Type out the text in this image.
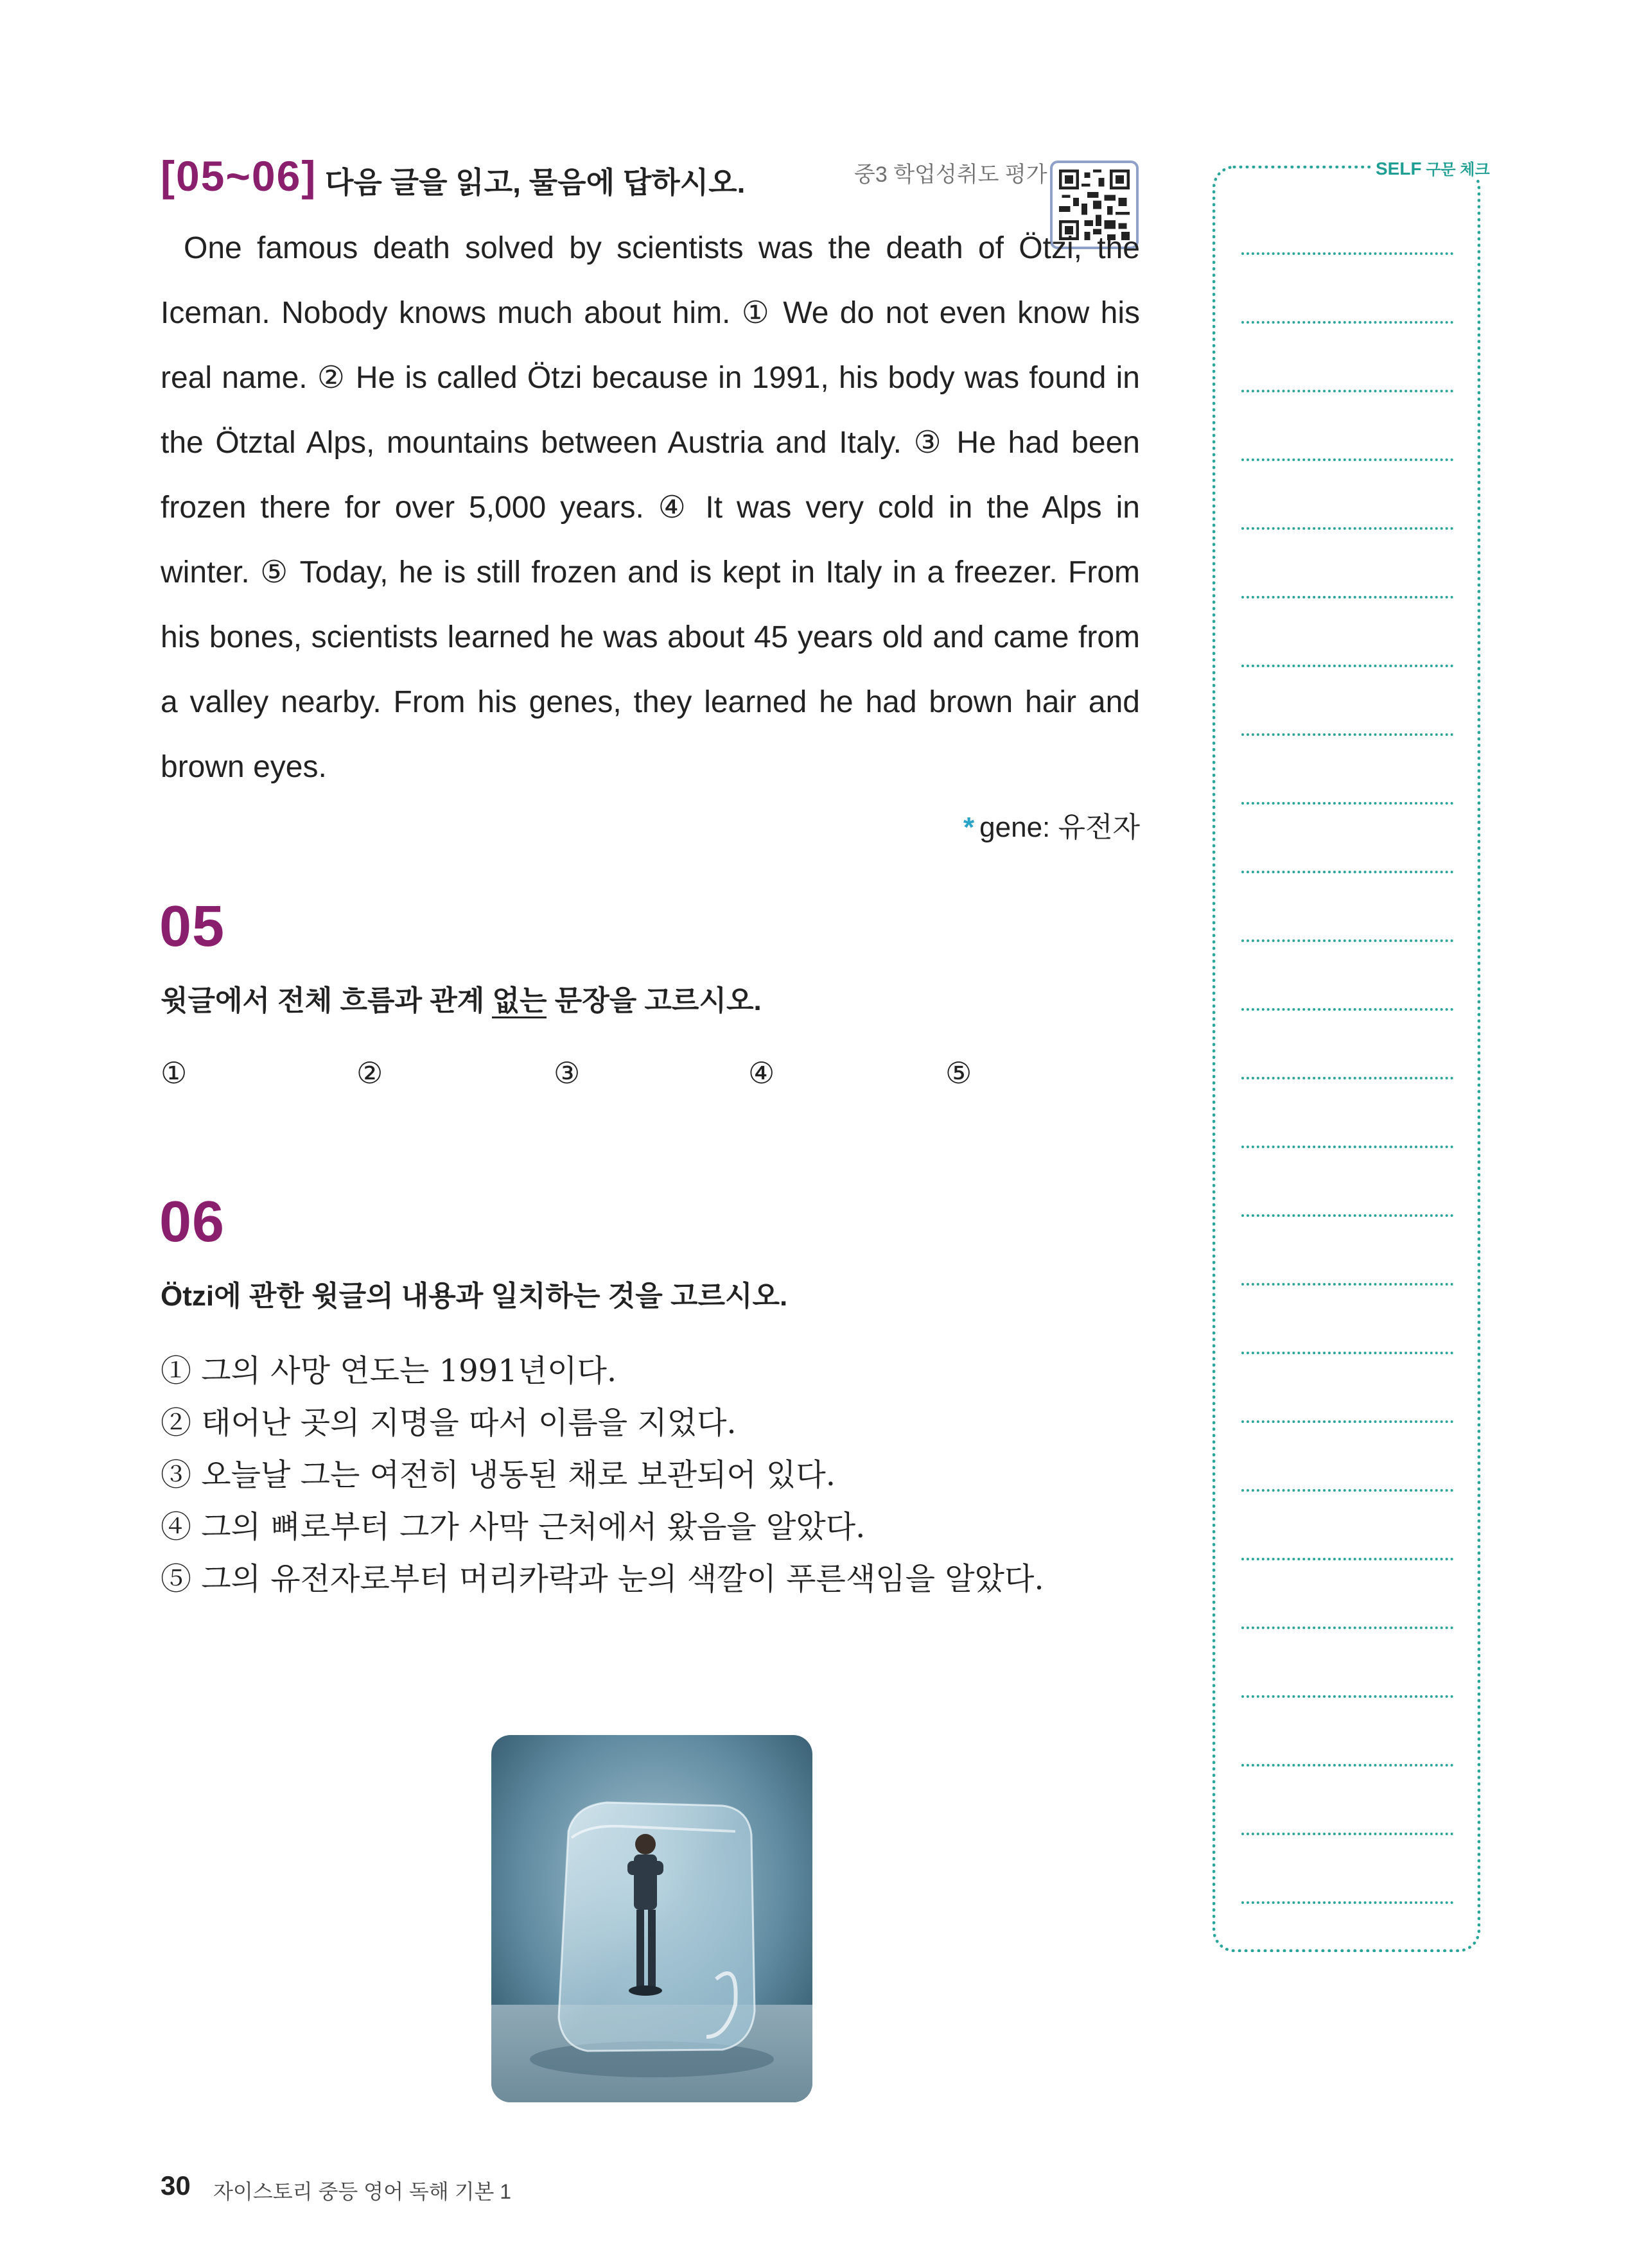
[05~06] 다음 글을 읽고, 물음에 답하시오.	중3 학업성취도 평가

One famous death solved by scientists was the death of Ötzi, the Iceman. Nobody knows much about him. ① We do not even know his real name. ② He is called Ötzi because in 1991, his body was found in the Ötztal Alps, mountains between Austria and Italy. ③ He had been frozen there for over 5,000 years. ④ It was very cold in the Alps in winter. ⑤ Today, he is still frozen and is kept in Italy in a freezer. From his bones, scientists learned he was about 45 years old and came from a valley nearby. From his genes, they learned he had brown hair and brown eyes.

* gene: 유전자
05
윗글에서 전체 흐름과 관계 없는 문장을 고르시오.
①	②	③	④	⑤
06
Ötzi에 관한 윗글의 내용과 일치하는 것을 고르시오.
① 그의 사망 연도는 1991년이다.
② 태어난 곳의 지명을 따서 이름을 지었다.
③ 오늘날 그는 여전히 냉동된 채로 보관되어 있다.
④ 그의 뼈로부터 그가 사막 근처에서 왔음을 알았다.
⑤ 그의 유전자로부터 머리카락과 눈의 색깔이 푸른색임을 알았다.
SELF 구문 체크
30 자이스토리 중등 영어 독해 기본 1
